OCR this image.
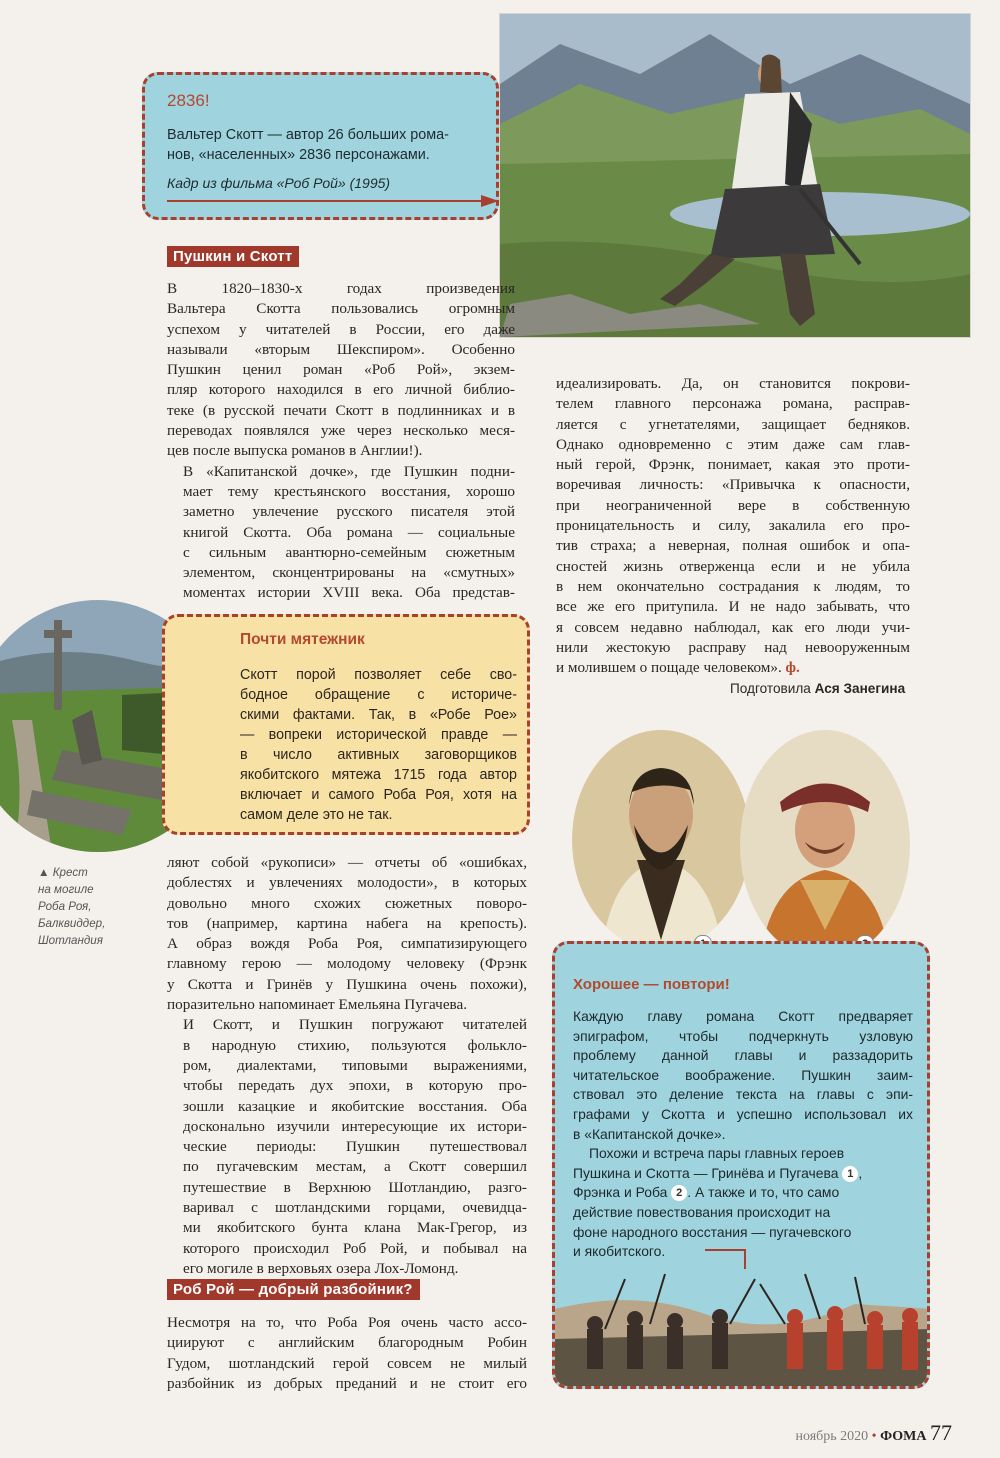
2836!
Вальтер Скотт — автор 26 больших рома-
нов, «населенных» 2836 персонажами.
Кадр из фильма «Роб Рой» (1995)
Пушкин и Скотт

В 1820–1830-х годах произведения
Вальтера Скотта пользовались огромным
успехом у читателей в России, его даже
называли «вторым Шекспиром». Особенно
Пушкин ценил роман «Роб Рой», экзем-
пляр которого находился в его личной библио-
теке (в русской печати Скотт в подлинниках и в
переводах появлялся уже через несколько меся-
цев после выпуска романов в Англии!).

В «Капитанской дочке», где Пушкин подни-
мает тему крестьянского восстания, хорошо
заметно увлечение русского писателя этой
книгой Скотта. Оба романа — социальные
с сильным авантюрно-семейным сюжетным
элементом, сконцентрированы на «смутных»
моментах истории XVIII века. Оба представ-

идеализировать. Да, он становится покрови-
телем главного персонажа романа, расправ-
ляется с угнетателями, защищает бедняков.
Однако одновременно с этим даже сам глав-
ный герой, Фрэнк, понимает, какая это проти-
воречивая личность: «Привычка к опасности,
при неограниченной вере в собственную
проницательность и силу, закалила его про-
тив страха; а неверная, полная ошибок и опа-
сностей жизнь отверженца если и не убила
в нем окончательно сострадания к людям, то
все же его притупила. И не надо забывать, что
я совсем недавно наблюдал, как его люди учи-
нили жестокую расправу над невооруженным
и молившем о пощаде человеком». ф.

Подготовила Ася Занегина
Почти мятежник
Скотт порой позволяет себе сво-
бодное обращение с историче-
скими фактами. Так, в «Робе Рое»
— вопреки исторической правде —
в число активных заговорщиков
якобитского мятежа 1715 года автор
включает и самого Роба Роя, хотя на
самом деле это не так.
▲ Крест
на могиле
Роба Роя,
Балквиддер,
Шотландия

ляют собой «рукописи» — отчеты об «ошибках,
доблестях и увлечениях молодости», в которых
довольно много схожих сюжетных поворо-
тов (например, картина набега на крепость).
А образ вождя Роба Роя, симпатизирующего
главному герою — молодому человеку (Фрэнк
у Скотта и Гринёв у Пушкина очень похожи),
поразительно напоминает Емельяна Пугачева.

И Скотт, и Пушкин погружают читателей
в народную стихию, пользуются фолькло-
ром, диалектами, типовыми выражениями,
чтобы передать дух эпохи, в которую про-
зошли казацкие и якобитские восстания. Оба
досконально изучили интересующие их истори-
ческие периоды: Пушкин путешествовал
по пугачевским местам, а Скотт совершил
путешествие в Верхнюю Шотландию, разго-
варивал с шотландскими горцами, очевидца-
ми якобитского бунта клана Мак-Грегор, из
которого происходил Роб Рой, и побывал на
его могиле в верховьях озера Лох-Ломонд.

Роб Рой — добрый разбойник?

Несмотря на то, что Роба Роя очень часто ассо-
циируют с английским благородным Робин
Гудом, шотландский герой совсем не милый
разбойник из добрых преданий и не стоит его

Хорошее — повтори!
Каждую главу романа Скотт предваряет
эпиграфом, чтобы подчеркнуть узловую
проблему данной главы и раззадорить
читательское воображение. Пушкин заим-
ствовал это деление текста на главы с эпи-
графами у Скотта и успешно использовал их
в «Капитанской дочке».
Похожи и встреча пары главных героев
Пушкина и Скотта — Гринёва и Пугачева 1 ,
Фрэнка и Роба 2 . А также и то, что само
действие повествования происходит на
фоне народного восстания — пугачевского
и якобитского.
ноябрь 2020 • ФОМА 77
